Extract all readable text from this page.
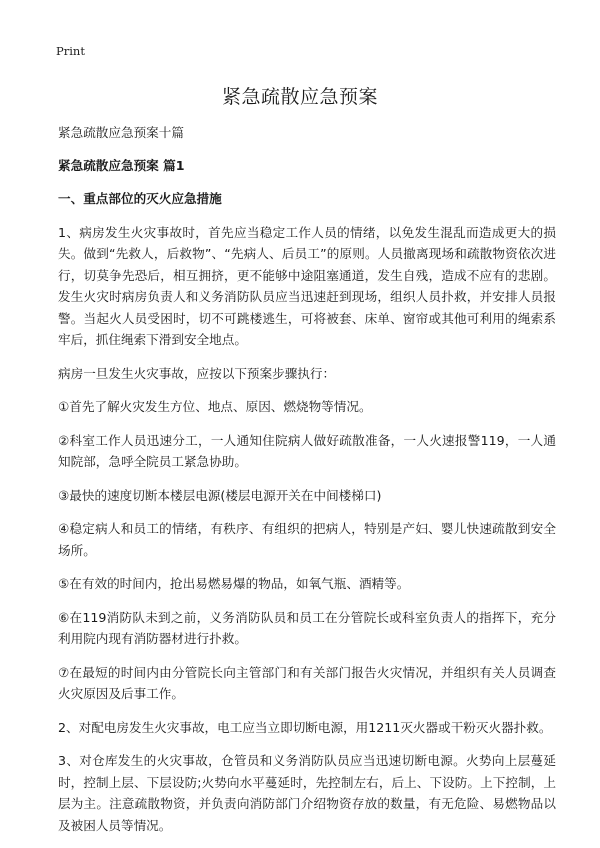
Print
紧急疏散应急预案

紧急疏散应急预案十篇

紧急疏散应急预案 篇1

一、重点部位的灭火应急措施

1、病房发生火灾事故时，首先应当稳定工作人员的情绪，以免发生混乱而造成更大的损失。做到“先救人，后救物”、“先病人、后员工”的原则。人员撤离现场和疏散物资依次进行，切莫争先恐后，相互拥挤，更不能够中途阻塞通道，发生自残，造成不应有的悲剧。发生火灾时病房负责人和义务消防队员应当迅速赶到现场，组织人员扑救，并安排人员报警。当起火人员受困时，切不可跳楼逃生，可将被套、床单、窗帘或其他可利用的绳索系牢后，抓住绳索下滑到安全地点。

病房一旦发生火灾事故，应按以下预案步骤执行：

①首先了解火灾发生方位、地点、原因、燃烧物等情况。

②科室工作人员迅速分工，一人通知住院病人做好疏散准备，一人火速报警119，一人通知院部，急呼全院员工紧急协助。

③最快的速度切断本楼层电源(楼层电源开关在中间楼梯口)

④稳定病人和员工的情绪，有秩序、有组织的把病人，特别是产妇、婴儿快速疏散到安全场所。

⑤在有效的时间内，抢出易燃易爆的物品，如氧气瓶、酒精等。

⑥在119消防队未到之前，义务消防队员和员工在分管院长或科室负责人的指挥下，充分利用院内现有消防器材进行扑救。

⑦在最短的时间内由分管院长向主管部门和有关部门报告火灾情况，并组织有关人员调查火灾原因及后事工作。

2、对配电房发生火灾事故，电工应当立即切断电源，用1211灭火器或干粉灭火器扑救。

3、对仓库发生的火灾事故，仓管员和义务消防队员应当迅速切断电源。火势向上层蔓延时，控制上层、下层设防;火势向水平蔓延时，先控制左右，后上、下设防。上下控制，上层为主。注意疏散物资，并负责向消防部门介绍物资存放的数量，有无危险、易燃物品以及被困人员等情况。
